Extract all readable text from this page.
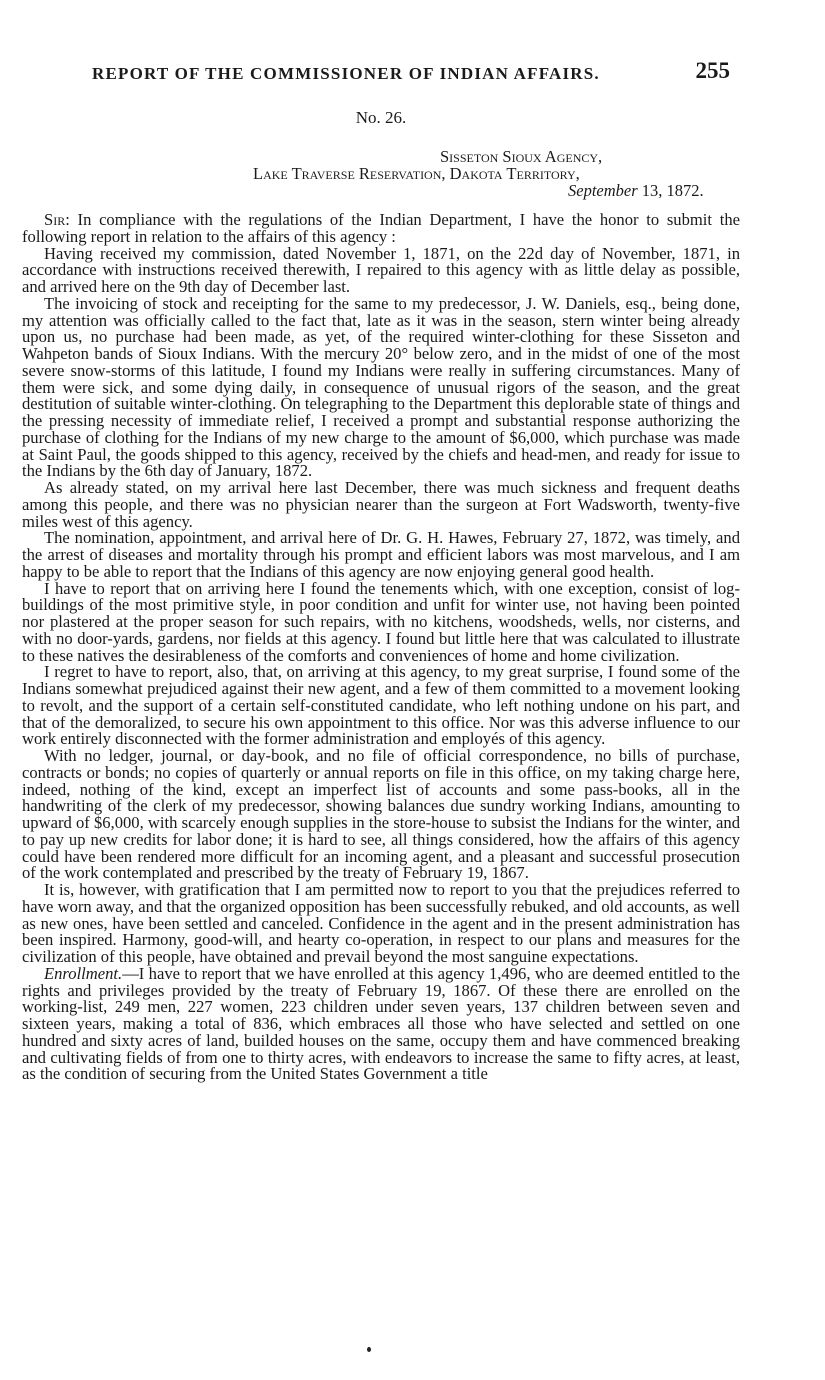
REPORT OF THE COMMISSIONER OF INDIAN AFFAIRS.	255
No. 26.
Sisseton Sioux Agency,
Lake Traverse Reservation, Dakota Territory,
September 13, 1872.

Sir: In compliance with the regulations of the Indian Department, I have the honor to submit the following report in relation to the affairs of this agency :

Having received my commission, dated November 1, 1871, on the 22d day of November, 1871, in accordance with instructions received therewith, I repaired to this agency with as little delay as possible, and arrived here on the 9th day of December last.

The invoicing of stock and receipting for the same to my predecessor, J. W. Daniels, esq., being done, my attention was officially called to the fact that, late as it was in the season, stern winter being already upon us, no purchase had been made, as yet, of the required winter-clothing for these Sisseton and Wahpeton bands of Sioux Indians. With the mercury 20° below zero, and in the midst of one of the most severe snow-storms of this latitude, I found my Indians were really in suffering circumstances. Many of them were sick, and some dying daily, in consequence of unusual rigors of the season, and the great destitution of suitable winter-clothing. On telegraphing to the Department this deplorable state of things and the pressing necessity of immediate relief, I received a prompt and substantial response authorizing the purchase of clothing for the Indians of my new charge to the amount of $6,000, which purchase was made at Saint Paul, the goods shipped to this agency, received by the chiefs and head-men, and ready for issue to the Indians by the 6th day of January, 1872.

As already stated, on my arrival here last December, there was much sickness and frequent deaths among this people, and there was no physician nearer than the surgeon at Fort Wadsworth, twenty-five miles west of this agency.

The nomination, appointment, and arrival here of Dr. G. H. Hawes, February 27, 1872, was timely, and the arrest of diseases and mortality through his prompt and efficient labors was most marvelous, and I am happy to be able to report that the Indians of this agency are now enjoying general good health.

I have to report that on arriving here I found the tenements which, with one exception, consist of log-buildings of the most primitive style, in poor condition and unfit for winter use, not having been pointed nor plastered at the proper season for such repairs, with no kitchens, woodsheds, wells, nor cisterns, and with no door-yards, gardens, nor fields at this agency. I found but little here that was calculated to illustrate to these natives the desirableness of the comforts and conveniences of home and home civilization.

I regret to have to report, also, that, on arriving at this agency, to my great surprise, I found some of the Indians somewhat prejudiced against their new agent, and a few of them committed to a movement looking to revolt, and the support of a certain self-constituted candidate, who left nothing undone on his part, and that of the demoralized, to secure his own appointment to this office. Nor was this adverse influence to our work entirely disconnected with the former administration and employés of this agency.

With no ledger, journal, or day-book, and no file of official correspondence, no bills of purchase, contracts or bonds; no copies of quarterly or annual reports on file in this office, on my taking charge here, indeed, nothing of the kind, except an imperfect list of accounts and some pass-books, all in the handwriting of the clerk of my predecessor, showing balances due sundry working Indians, amounting to upward of $6,000, with scarcely enough supplies in the store-house to subsist the Indians for the winter, and to pay up new credits for labor done; it is hard to see, all things considered, how the affairs of this agency could have been rendered more difficult for an incoming agent, and a pleasant and successful prosecution of the work contemplated and prescribed by the treaty of February 19, 1867.

It is, however, with gratification that I am permitted now to report to you that the prejudices referred to have worn away, and that the organized opposition has been successfully rebuked, and old accounts, as well as new ones, have been settled and canceled. Confidence in the agent and in the present administration has been inspired. Harmony, good-will, and hearty co-operation, in respect to our plans and measures for the civilization of this people, have obtained and prevail beyond the most sanguine expectations.

Enrollment.—I have to report that we have enrolled at this agency 1,496, who are deemed entitled to the rights and privileges provided by the treaty of February 19, 1867. Of these there are enrolled on the working-list, 249 men, 227 women, 223 children under seven years, 137 children between seven and sixteen years, making a total of 836, which embraces all those who have selected and settled on one hundred and sixty acres of land, builded houses on the same, occupy them and have commenced breaking and cultivating fields of from one to thirty acres, with endeavors to increase the same to fifty acres, at least, as the condition of securing from the United States Government a title
